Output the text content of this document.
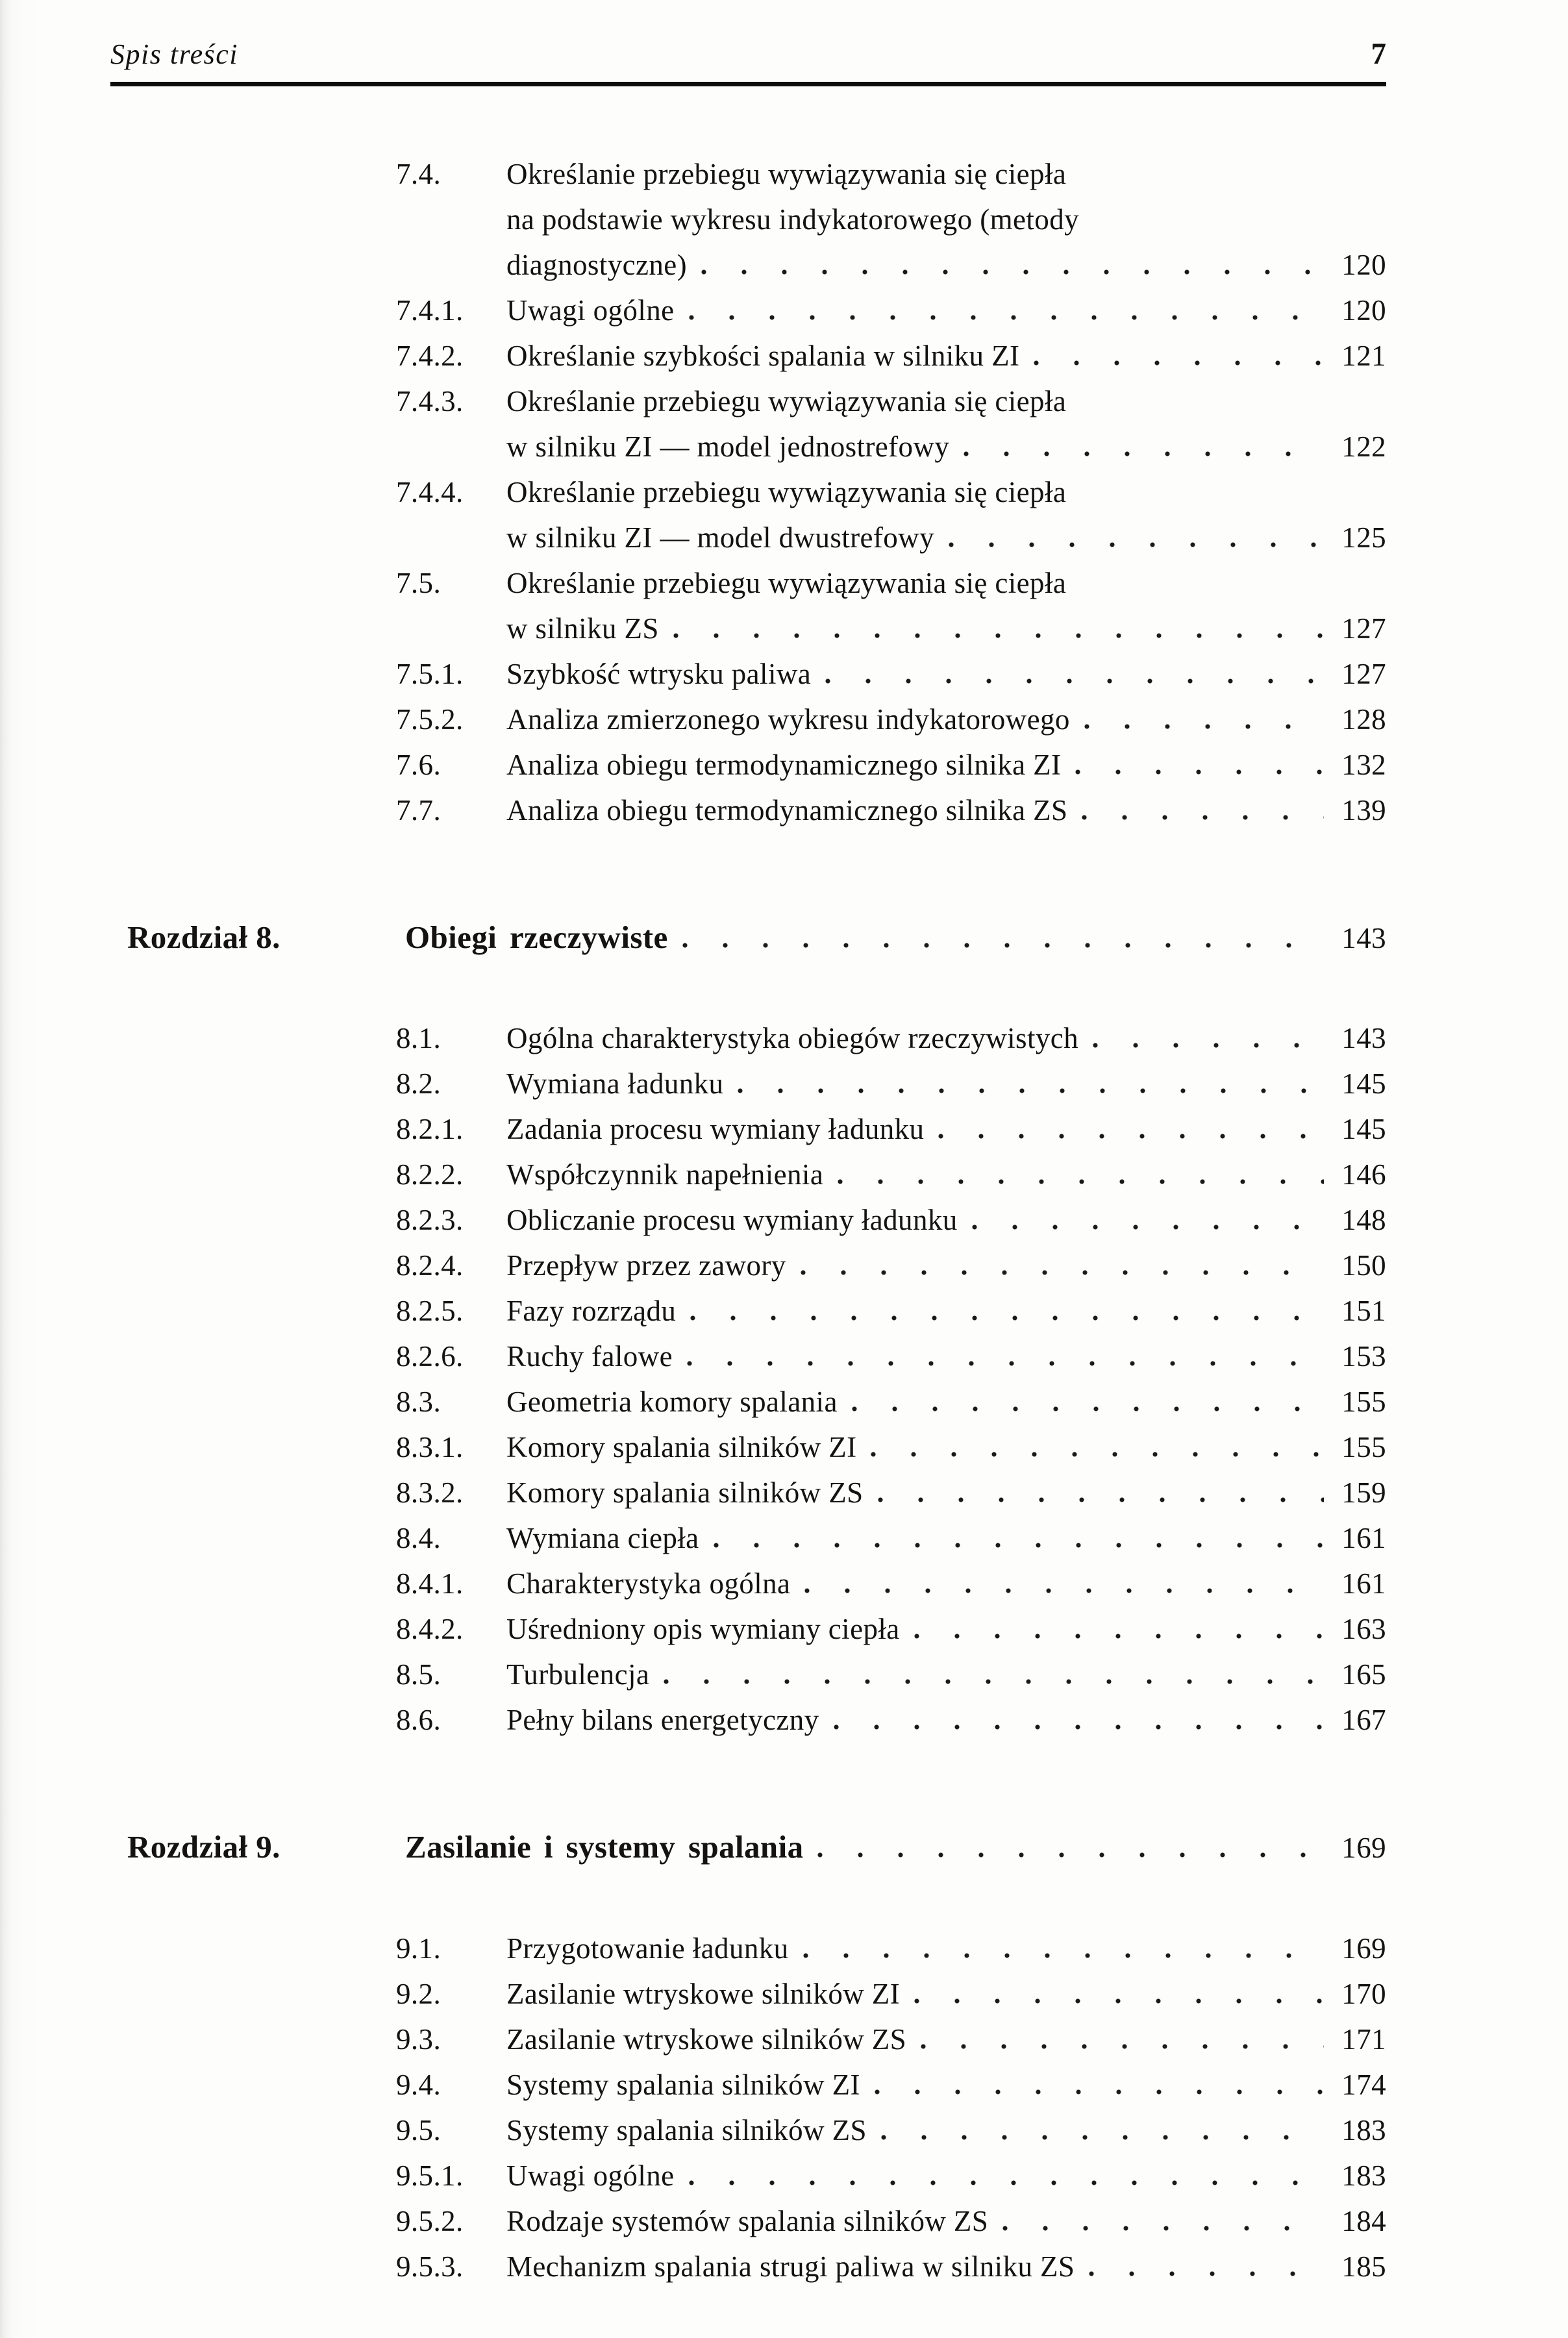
Spis treści	7
7.4.	Określanie przebiegu wywiązywania się ciepła
na podstawie wykresu indykatorowego (metody
diagnostyczne)	120
7.4.1.	Uwagi ogólne	120
7.4.2.	Określanie szybkości spalania w silniku ZI	121
7.4.3.	Określanie przebiegu wywiązywania się ciepła
w silniku ZI — model jednostrefowy	122
7.4.4.	Określanie przebiegu wywiązywania się ciepła
w silniku ZI — model dwustrefowy	125
7.5.	Określanie przebiegu wywiązywania się ciepła
w silniku ZS	127
7.5.1.	Szybkość wtrysku paliwa	127
7.5.2.	Analiza zmierzonego wykresu indykatorowego	128
7.6.	Analiza obiegu termodynamicznego silnika ZI	132
7.7.	Analiza obiegu termodynamicznego silnika ZS	139
Rozdział 8.	Obiegi rzeczywiste	143
8.1.	Ogólna charakterystyka obiegów rzeczywistych	143
8.2.	Wymiana ładunku	145
8.2.1.	Zadania procesu wymiany ładunku	145
8.2.2.	Współczynnik napełnienia	146
8.2.3.	Obliczanie procesu wymiany ładunku	148
8.2.4.	Przepływ przez zawory	150
8.2.5.	Fazy rozrządu	151
8.2.6.	Ruchy falowe	153
8.3.	Geometria komory spalania	155
8.3.1.	Komory spalania silników ZI	155
8.3.2.	Komory spalania silników ZS	159
8.4.	Wymiana ciepła	161
8.4.1.	Charakterystyka ogólna	161
8.4.2.	Uśredniony opis wymiany ciepła	163
8.5.	Turbulencja	165
8.6.	Pełny bilans energetyczny	167
Rozdział 9.	Zasilanie i systemy spalania	169
9.1.	Przygotowanie ładunku	169
9.2.	Zasilanie wtryskowe silników ZI	170
9.3.	Zasilanie wtryskowe silników ZS	171
9.4.	Systemy spalania silników ZI	174
9.5.	Systemy spalania silników ZS	183
9.5.1.	Uwagi ogólne	183
9.5.2.	Rodzaje systemów spalania silników ZS	184
9.5.3.	Mechanizm spalania strugi paliwa w silniku ZS	185
